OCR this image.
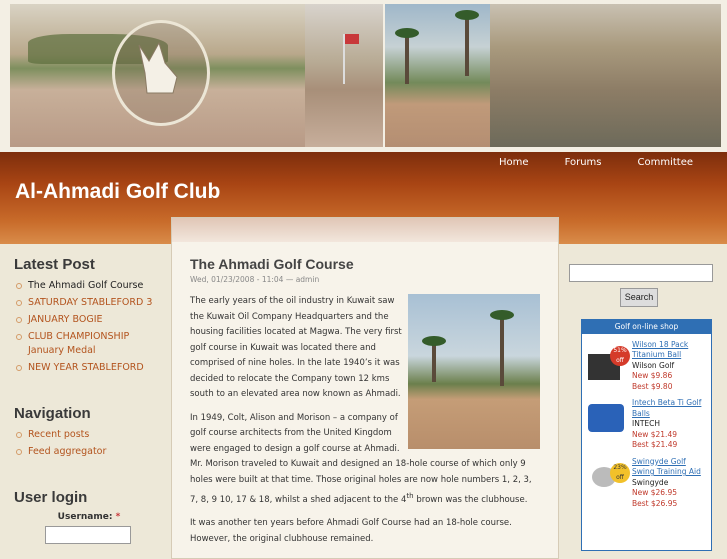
Home	Forums	Committee
Al-Ahmadi Golf Club
Latest Post
The Ahmadi Golf Course
SATURDAY STABLEFORD 3
JANUARY BOGIE
CLUB CHAMPIONSHIP January Medal
NEW YEAR STABLEFORD
Navigation
Recent posts
Feed aggregator
User login
Username: *
The Ahmadi Golf Course
Wed, 01/23/2008 - 11:04 — admin

The early years of the oil industry in Kuwait saw the Kuwait Oil Company Headquarters and the housing facilities located at Magwa. The very first golf course in Kuwait was located there and comprised of nine holes. In the late 1940’s it was decided to relocate the Company town 12 kms south to an elevated area now known as Ahmadi.

In 1949, Colt, Alison and Morison – a company of golf course architects from the United Kingdom were engaged to design a golf course at Ahmadi. Mr. Morison traveled to Kuwait and designed an 18-hole course of which only 9 holes were built at that time. Those original holes are now hole numbers 1, 2, 3, 7, 8, 9 10, 17 & 18, whilst a shed adjacent to the 4th brown was the clubhouse.

It was another ten years before Ahmadi Golf Course had an 18-hole course. However, the original clubhouse remained.

Search
Golf on-line shop
51% off
Wilson 18 Pack Titanium Ball
Wilson Golf
New $9.86
Best $9.80
Intech Beta Ti Golf Balls
INTECH
New $21.49
Best $21.49
23% off
Swingyde Golf Swing Training Aid
Swingyde
New $26.95
Best $26.95
